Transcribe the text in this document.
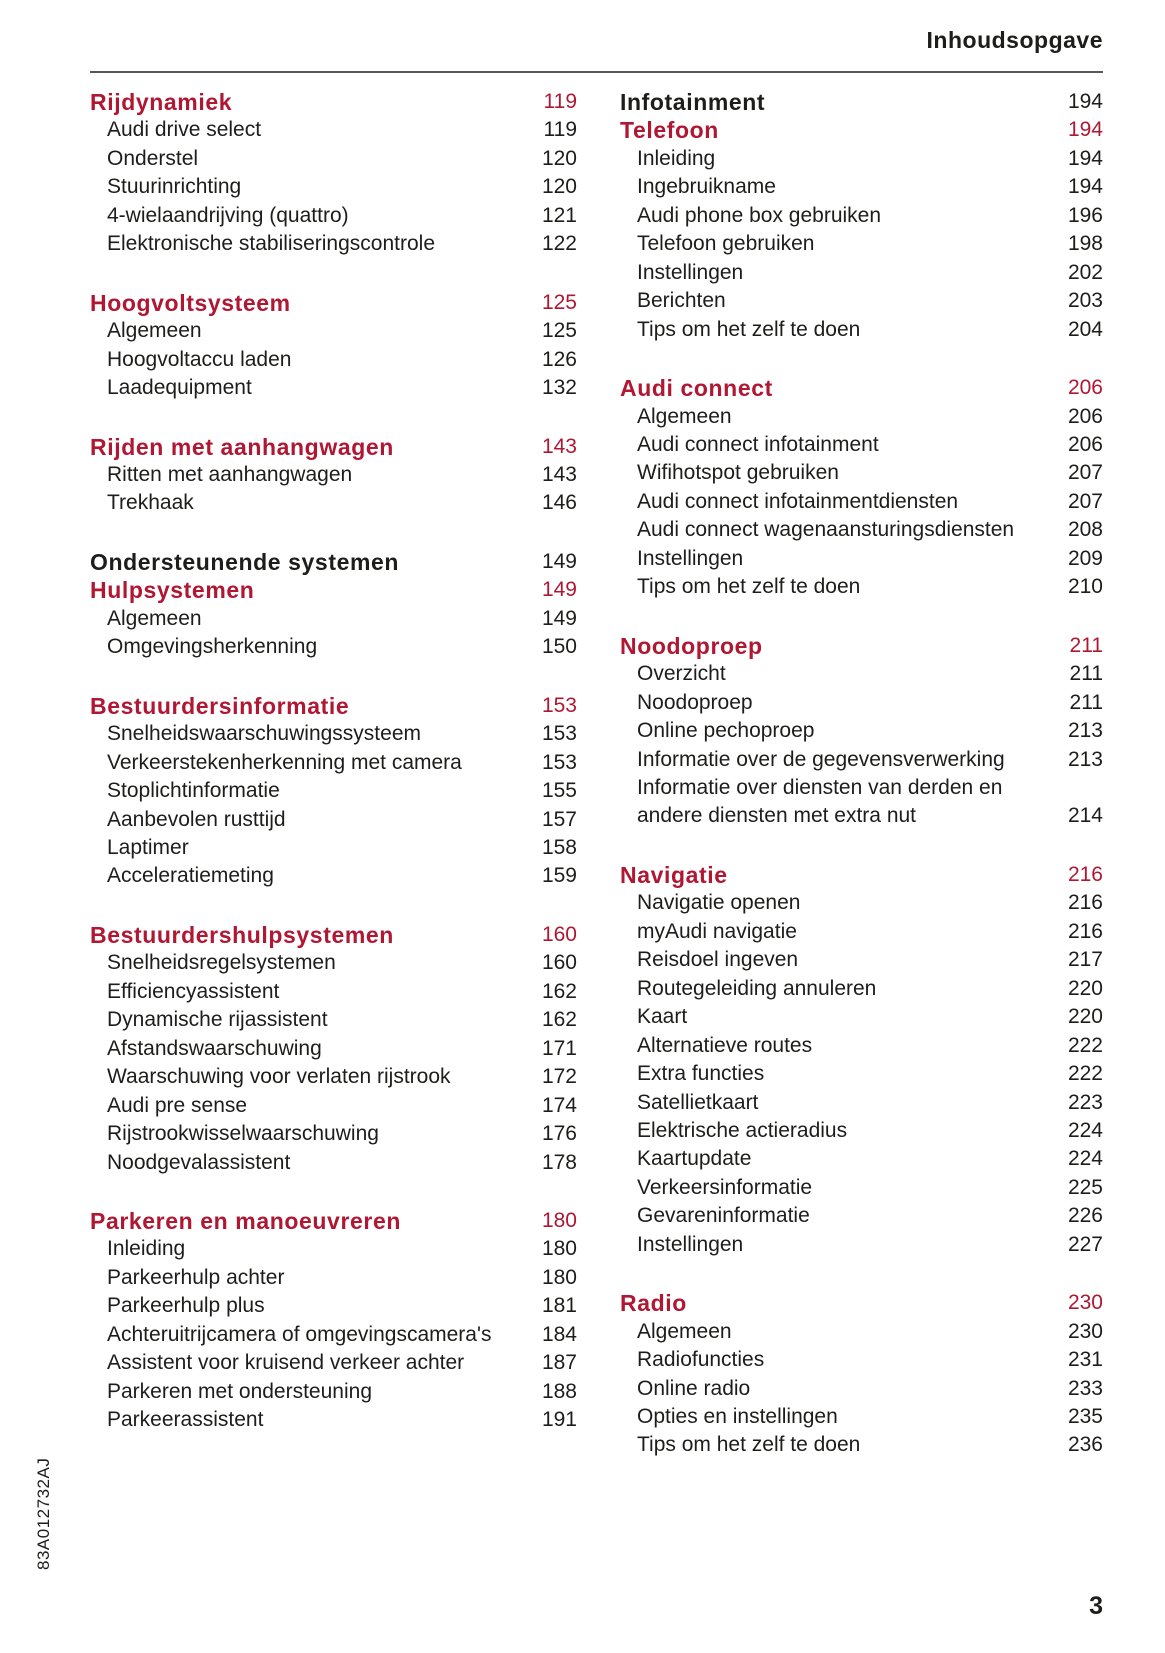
Inhoudsopgave
Rijdynamiek	119
Audi drive select	119
Onderstel	120
Stuurinrichting	120
4-wielaandrijving (quattro)	121
Elektronische stabiliseringscontrole	122
Hoogvoltsysteem	125
Algemeen	125
Hoogvoltaccu laden	126
Laadequipment	132
Rijden met aanhangwagen	143
Ritten met aanhangwagen	143
Trekhaak	146
Ondersteunende systemen	149
Hulpsystemen	149
Algemeen	149
Omgevingsherkenning	150
Bestuurdersinformatie	153
Snelheidswaarschuwingssysteem	153
Verkeerstekenherkenning met camera	153
Stoplichtinformatie	155
Aanbevolen rusttijd	157
Laptimer	158
Acceleratiemeting	159
Bestuurdershulpsystemen	160
Snelheidsregelsystemen	160
Efficiencyassistent	162
Dynamische rijassistent	162
Afstandswaarschuwing	171
Waarschuwing voor verlaten rijstrook	172
Audi pre sense	174
Rijstrookwisselwaarschuwing	176
Noodgevalassistent	178
Parkeren en manoeuvreren	180
Inleiding	180
Parkeerhulp achter	180
Parkeerhulp plus	181
Achteruitrijcamera of omgevingscamera's	184
Assistent voor kruisend verkeer achter	187
Parkeren met ondersteuning	188
Parkeerassistent	191
Infotainment	194
Telefoon	194
Inleiding	194
Ingebruikname	194
Audi phone box gebruiken	196
Telefoon gebruiken	198
Instellingen	202
Berichten	203
Tips om het zelf te doen	204
Audi connect	206
Algemeen	206
Audi connect infotainment	206
Wifihotspot gebruiken	207
Audi connect infotainmentdiensten	207
Audi connect wagenaansturingsdiensten	208
Instellingen	209
Tips om het zelf te doen	210
Noodoproep	211
Overzicht	211
Noodoproep	211
Online pechoproep	213
Informatie over de gegevensverwerking	213
Informatie over diensten van derden en
andere diensten met extra nut	214
Navigatie	216
Navigatie openen	216
myAudi navigatie	216
Reisdoel ingeven	217
Routegeleiding annuleren	220
Kaart	220
Alternatieve routes	222
Extra functies	222
Satellietkaart	223
Elektrische actieradius	224
Kaartupdate	224
Verkeersinformatie	225
Gevareninformatie	226
Instellingen	227
Radio	230
Algemeen	230
Radiofuncties	231
Online radio	233
Opties en instellingen	235
Tips om het zelf te doen	236
83A012732AJ
3
